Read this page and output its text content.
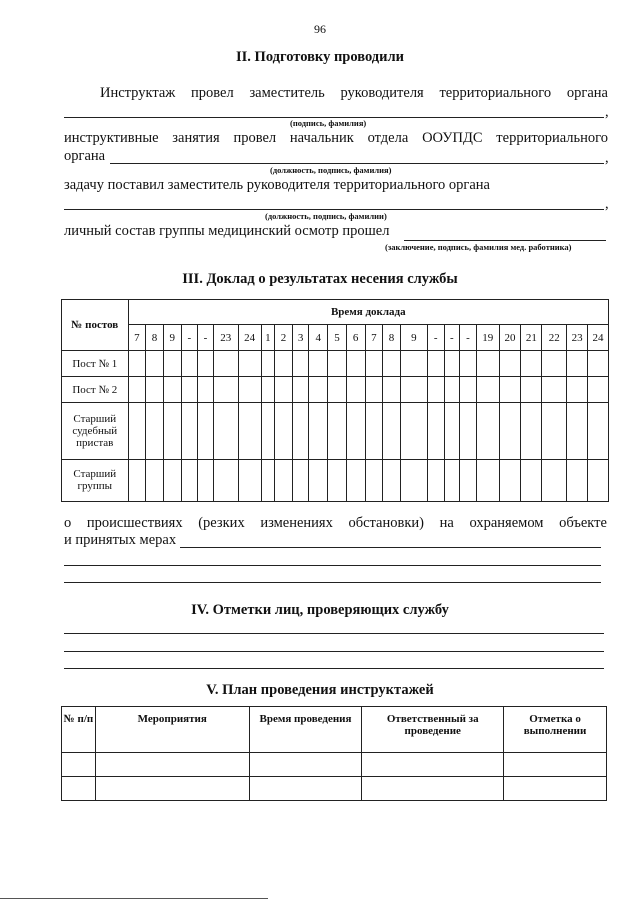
96
II. Подготовку проводили
Инструктаж провел заместитель руководителя территориального органа
,
(подпись, фамилия)
инструктивные занятия провел начальник отдела ООУПДС территориального
органа	,
(должность, подпись, фамилия)
задачу поставил заместитель руководителя территориального органа
,
(должность, подпись, фамилии)
личный состав группы медицинский осмотр прошел
(заключение, подпись, фамилия мед. работника)
III. Доклад о результатах несения службы
№ постов	Время доклада																								
	7	8	9	-	-	23	24	1	2	3	4	5	6	7	8	9	-	-	-	19	20	21	22	23	24
Пост № 1																									
Пост № 2																									
Старший судебный пристав																									
Старший группы																									
о происшествиях (резких изменениях обстановки) на охраняемом объекте
и принятых мерах
IV. Отметки лиц, проверяющих службу
V. План проведения инструктажей
№ п/п	Мероприятия	Время проведения	Ответственный за проведение	Отметка о выполнении
